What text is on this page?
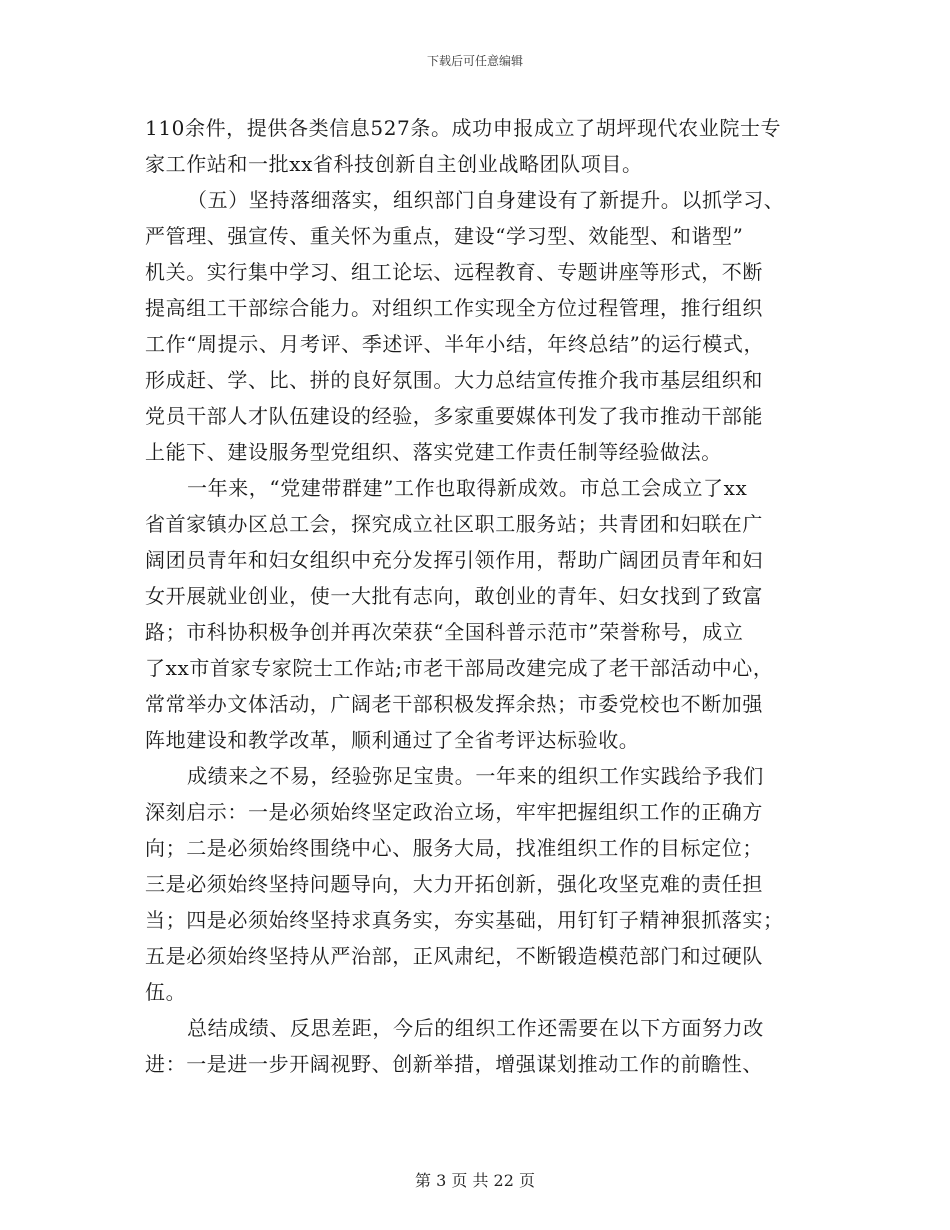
下载后可任意编辑
110余件，提供各类信息527条。成功申报成立了胡坪现代农业院士专
家工作站和一批xx省科技创新自主创业战略团队项目。
（五）坚持落细落实，组织部门自身建设有了新提升。以抓学习、
严管理、强宣传、重关怀为重点，建设“学习型、效能型、和谐型”
机关。实行集中学习、组工论坛、远程教育、专题讲座等形式，不断
提高组工干部综合能力。对组织工作实现全方位过程管理，推行组织
工作“周提示、月考评、季述评、半年小结，年终总结”的运行模式，
形成赶、学、比、拼的良好氛围。大力总结宣传推介我市基层组织和
党员干部人才队伍建设的经验，多家重要媒体刊发了我市推动干部能
上能下、建设服务型党组织、落实党建工作责任制等经验做法。
一年来，“党建带群建”工作也取得新成效。市总工会成立了xx
省首家镇办区总工会，探究成立社区职工服务站；共青团和妇联在广
阔团员青年和妇女组织中充分发挥引领作用，帮助广阔团员青年和妇
女开展就业创业，使一大批有志向，敢创业的青年、妇女找到了致富
路；市科协积极争创并再次荣获“全国科普示范市”荣誉称号，成立
了xx市首家专家院士工作站;市老干部局改建完成了老干部活动中心，
常常举办文体活动，广阔老干部积极发挥余热；市委党校也不断加强
阵地建设和教学改革，顺利通过了全省考评达标验收。
成绩来之不易，经验弥足宝贵。一年来的组织工作实践给予我们
深刻启示：一是必须始终坚定政治立场，牢牢把握组织工作的正确方
向；二是必须始终围绕中心、服务大局，找准组织工作的目标定位；
三是必须始终坚持问题导向，大力开拓创新，强化攻坚克难的责任担
当；四是必须始终坚持求真务实，夯实基础，用钉钉子精神狠抓落实；
五是必须始终坚持从严治部，正风肃纪，不断锻造模范部门和过硬队
伍。
总结成绩、反思差距，今后的组织工作还需要在以下方面努力改
进：一是进一步开阔视野、创新举措，增强谋划推动工作的前瞻性、
第 3 页 共 22 页
